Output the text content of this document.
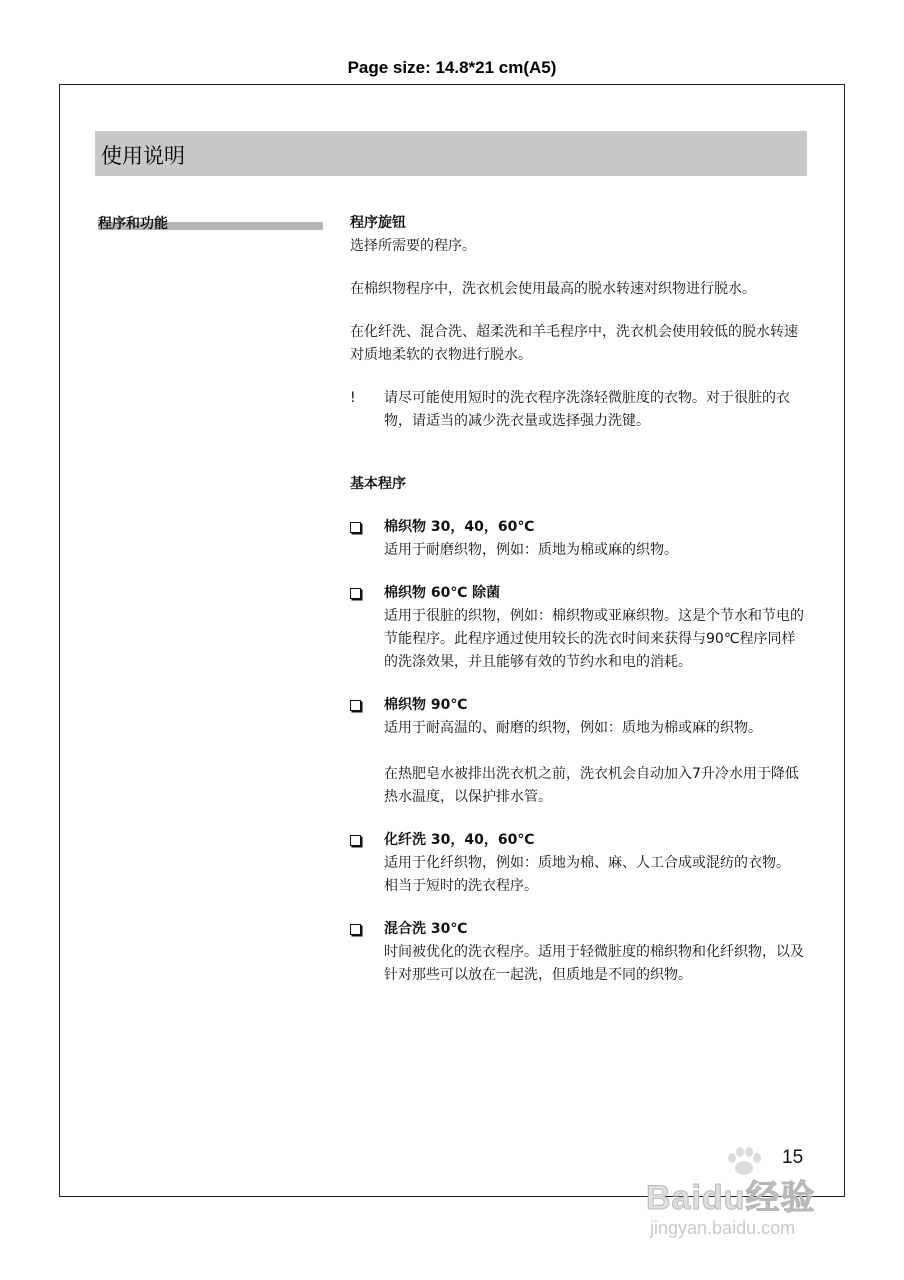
Page size: 14.8*21 cm(A5)
使用说明
程序和功能	程序旋钮

选择所需要的程序。

在棉织物程序中，洗衣机会使用最高的脱水转速对织物进行脱水。

在化纤洗、混合洗、超柔洗和羊毛程序中，洗衣机会使用较低的脱水转速对质地柔软的衣物进行脱水。

! 请尽可能使用短时的洗衣程序洗涤轻微脏度的衣物。对于很脏的衣物，请适当的减少洗衣量或选择强力洗键。
基本程序
棉织物 30，40，60℃
适用于耐磨织物，例如：质地为棉或麻的织物。
棉织物 60℃ 除菌
适用于很脏的织物，例如：棉织物或亚麻织物。这是个节水和节电的节能程序。此程序通过使用较长的洗衣时间来获得与90℃程序同样的洗涤效果，并且能够有效的节约水和电的消耗。
棉织物 90℃
适用于耐高温的、耐磨的织物，例如：质地为棉或麻的织物。
在热肥皂水被排出洗衣机之前，洗衣机会自动加入7升冷水用于降低热水温度，以保护排水管。
化纤洗 30，40，60℃
适用于化纤织物，例如：质地为棉、麻、人工合成或混纺的衣物。
相当于短时的洗衣程序。
混合洗 30℃
时间被优化的洗衣程序。适用于轻微脏度的棉织物和化纤织物，以及针对那些可以放在一起洗，但质地是不同的织物。
15
Baidu经验
jingyan.baidu.com
